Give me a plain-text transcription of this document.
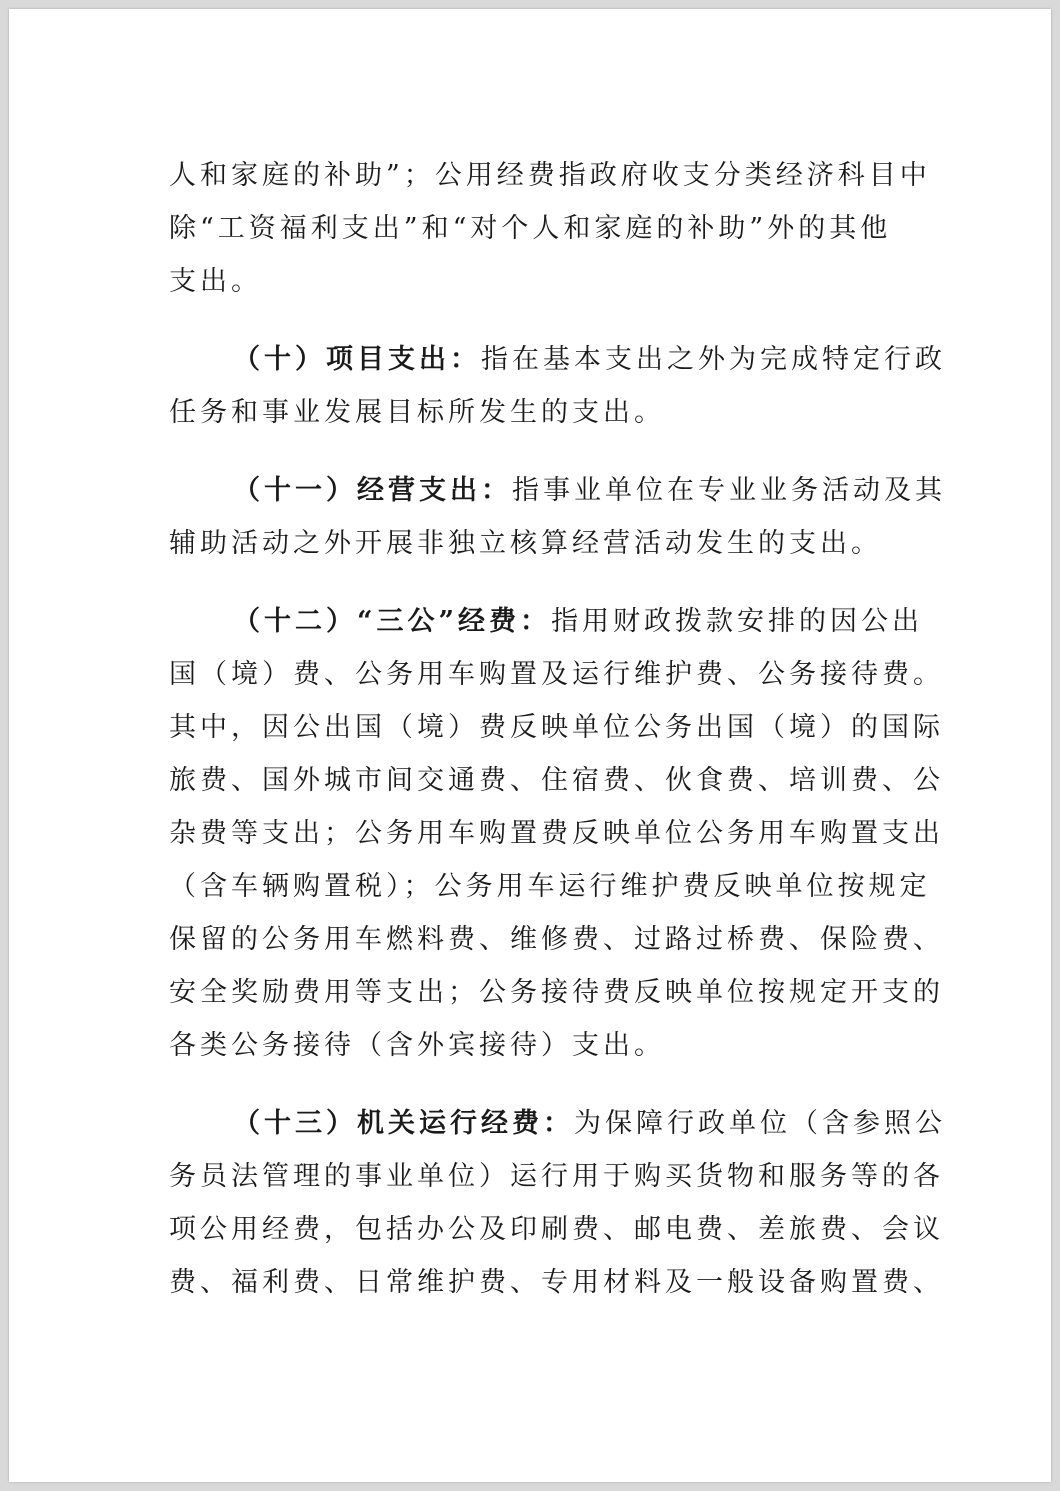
人和家庭的补助”；公用经费指政府收支分类经济科目中
除“工资福利支出”和“对个人和家庭的补助”外的其他
支出。
（十）项目支出：指在基本支出之外为完成特定行政
任务和事业发展目标所发生的支出。
（十一）经营支出：指事业单位在专业业务活动及其
辅助活动之外开展非独立核算经营活动发生的支出。
（十二）“三公”经费：指用财政拨款安排的因公出
国（境）费、公务用车购置及运行维护费、公务接待费。
其中，因公出国（境）费反映单位公务出国（境）的国际
旅费、国外城市间交通费、住宿费、伙食费、培训费、公
杂费等支出；公务用车购置费反映单位公务用车购置支出
（含车辆购置税）；公务用车运行维护费反映单位按规定
保留的公务用车燃料费、维修费、过路过桥费、保险费、
安全奖励费用等支出；公务接待费反映单位按规定开支的
各类公务接待（含外宾接待）支出。
（十三）机关运行经费：为保障行政单位（含参照公
务员法管理的事业单位）运行用于购买货物和服务等的各
项公用经费，包括办公及印刷费、邮电费、差旅费、会议
费、福利费、日常维护费、专用材料及一般设备购置费、
